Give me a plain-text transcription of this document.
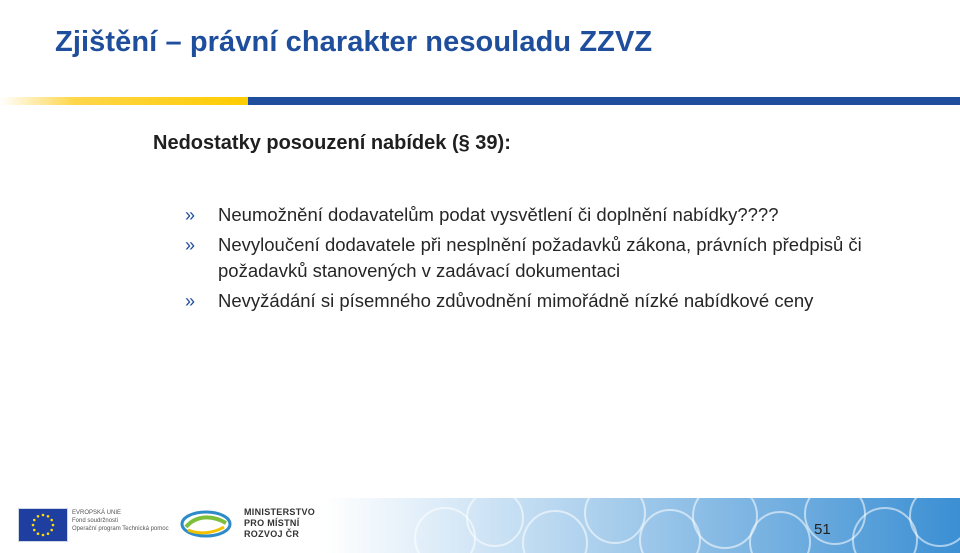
Zjištění – právní charakter nesouladu ZZVZ
Nedostatky posouzení nabídek (§ 39):
» Neumožnění dodavatelům podat vysvětlení či doplnění nabídky????
» Nevyloučení dodavatele při nesplnění požadavků zákona, právních předpisů či požadavků stanovených v zadávací dokumentaci
» Nevyžádání si písemného zdůvodnění mimořádně nízké nabídkové ceny
EVROPSKÁ UNIE
Fond soudržnosti
Operační program Technická pomoc
MINISTERSTVO
PRO MÍSTNÍ
ROZVOJ ČR	51
